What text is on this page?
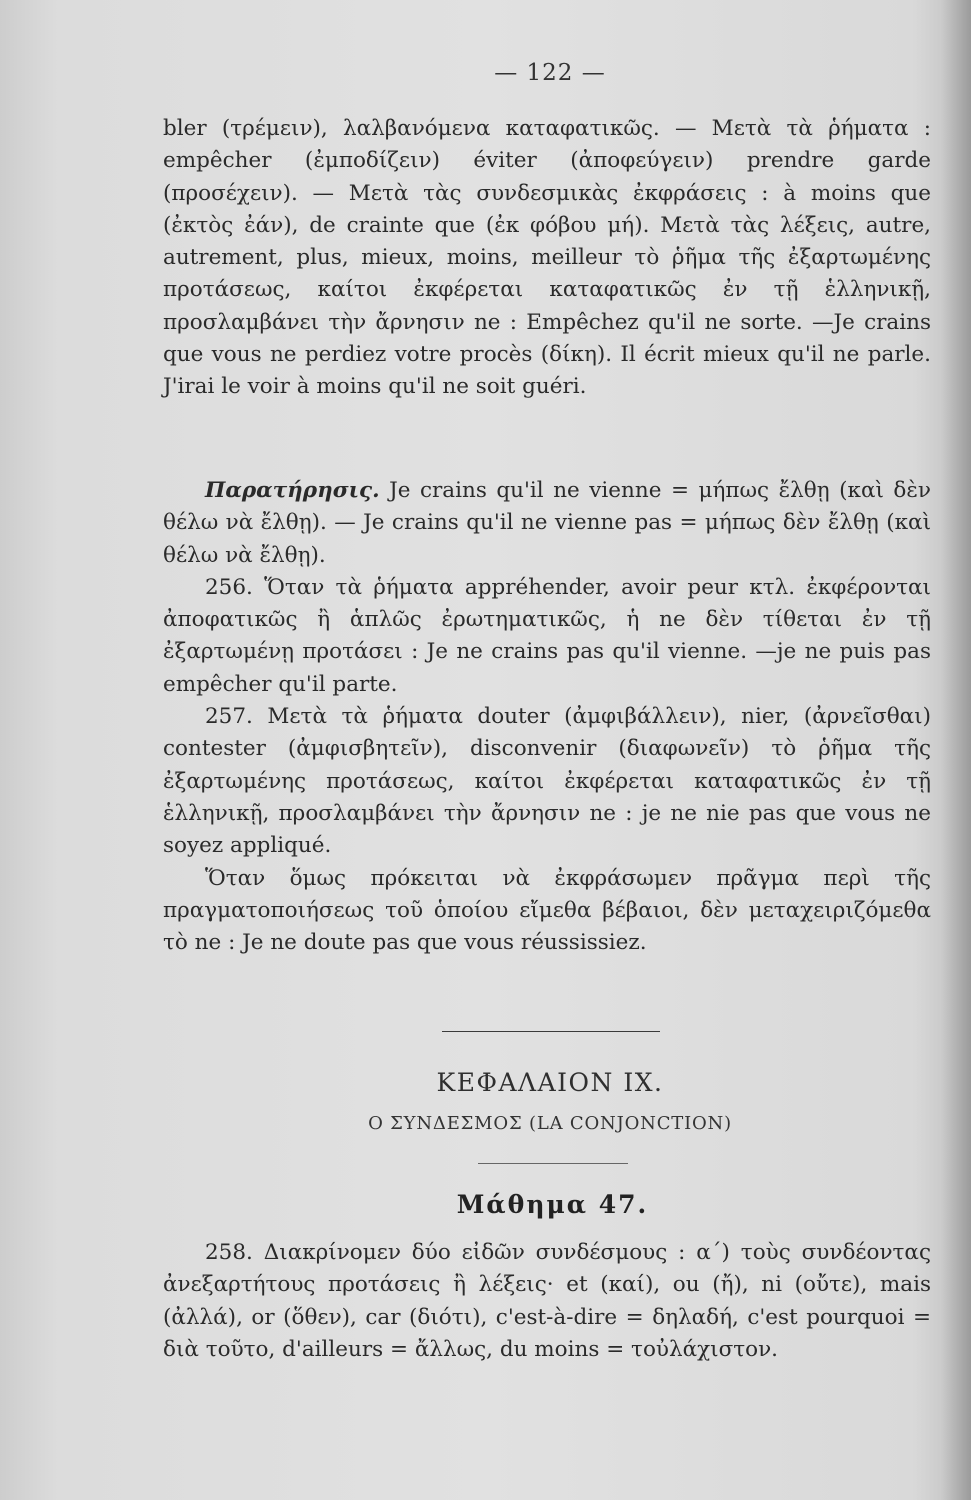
— 122 —

bler (τρέμειν), λαλβανόμενα καταφατικῶς. — Μετὰ τὰ ῥήματα : empêcher (ἐμποδίζειν) éviter (ἀποφεύγειν) prendre garde (προσέχειν). — Μετὰ τὰς συνδεσμικὰς ἐκφράσεις : à moins que (ἐκτὸς ἐάν), de crainte que (ἐκ φόβου μή). Μετὰ τὰς λέξεις, autre, autrement, plus, mieux, moins, meilleur τὸ ῥῆμα τῆς ἐξαρτωμένης προτάσεως, καίτοι ἐκφέρεται καταφατικῶς ἐν τῇ ἑλληνικῇ, προσλαμβάνει τὴν ἄρνησιν ne : Empêchez qu'il ne sorte. —Je crains que vous ne perdiez votre procès (δίκη). Il écrit mieux qu'il ne parle. J'irai le voir à moins qu'il ne soit guéri.

Παρατήρησις. Je crains qu'il ne vienne = μήπως ἔλθῃ (καὶ δὲν θέλω νὰ ἔλθῃ). — Je crains qu'il ne vienne pas = μήπως δὲν ἔλθῃ (καὶ θέλω νὰ ἔλθῃ).

256. Ὅταν τὰ ῥήματα appréhender, avoir peur κτλ. ἐκφέρονται ἀποφατικῶς ἢ ἁπλῶς ἐρωτηματικῶς, ἡ ne δὲν τίθεται ἐν τῇ ἐξαρτωμένῃ προτάσει : Je ne crains pas qu'il vienne. —je ne puis pas empêcher qu'il parte.

257. Μετὰ τὰ ῥήματα douter (ἀμφιβάλλειν), nier, (ἀρνεῖσθαι) contester (ἀμφισβητεῖν), disconvenir (διαφωνεῖν) τὸ ῥῆμα τῆς ἐξαρτωμένης προτάσεως, καίτοι ἐκφέρεται καταφατικῶς ἐν τῇ ἑλληνικῇ, προσλαμβάνει τὴν ἄρνησιν ne : je ne nie pas que vous ne soyez appliqué.

Ὅταν ὅμως πρόκειται νὰ ἐκφράσωμεν πρᾶγμα περὶ τῆς πραγματοποιήσεως τοῦ ὁποίου εἴμεθα βέβαιοι, δὲν μεταχειριζόμεθα τὸ ne : Je ne doute pas que vous réussissiez.

ΚΕΦΑΛΑΙΟΝ IX.
Ο ΣΥΝΔΕΣΜΟΣ (LA CONJONCTION)
Μάθημα 47.

258. Διακρίνομεν δύο εἰδῶν συνδέσμους : α΄) τοὺς συνδέοντας ἀνεξαρτήτους προτάσεις ἢ λέξεις· et (καί), ou (ἤ), ni (οὔτε), mais (ἀλλά), or (ὅθεν), car (διότι), c'est-à-dire = δηλαδή, c'est pourquoi = διὰ τοῦτο, d'ailleurs = ἄλλως, du moins = τοὐλάχιστον.
